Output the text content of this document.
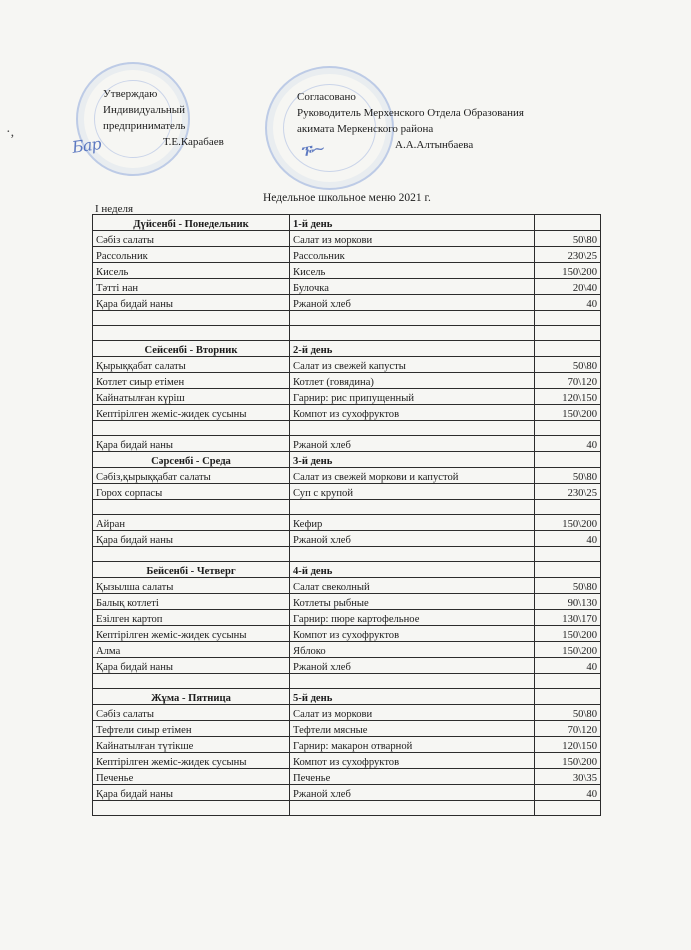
Утверждаю
Индивидуальный
предприниматель
Т.Е.Карабаев
Согласовано
Руководитель Мерхенского Отдела Образования
акимата Меркенского района
А.А.Алтынбаева
Бар	ᎏ~
·,
Недельное школьное меню 2021 г.
I неделя
Дүйсенбі - Понедельник	1-й день	
Сәбіз салаты	Салат из моркови	50\80
Рассольник	Рассольник	230\25
Кисель	Кисель	150\200
Тәтті нан	Булочка	20\40
Қара бидай наны	Ржаной хлеб	40

Сейсенбі - Вторник	2-й день	
Қырыққабат салаты	Салат из свежей капусты	50\80
Котлет сиыр етімен	Котлет (говядина)	70\120
Кайнатылған күріш	Гарнир: рис припущенный	120\150
Кептірілген жеміс-жидек сусыны	Компот из сухофруктов	150\200

Қара бидай наны	Ржаной хлеб	40
Сәрсенбі - Среда	3-й день	
Сәбіз,қырыққабат салаты	Салат из свежей моркови и капустой	50\80
Горох сорпасы	Суп с крупой	230\25

Айран	Кефир	150\200
Қара бидай наны	Ржаной хлеб	40

Бейсенбі - Четверг	4-й день	
Қызылша салаты	Салат свеколный	50\80
Балық котлеті	Котлеты рыбные	90\130
Езілген картоп	Гарнир: пюре картофельное	130\170
Кептірілген жеміс-жидек сусыны	Компот из сухофруктов	150\200
Алма	Яблоко	150\200
Қара бидай наны	Ржаной хлеб	40

Жұма - Пятница	5-й день	
Сәбіз салаты	Салат из моркови	50\80
Тефтели сиыр етімен	Тефтели мясные	70\120
Кайнатылған түтікше	Гарнир: макарон отварной	120\150
Кептірілген жеміс-жидек сусыны	Компот из сухофруктов	150\200
Печенье	Печенье	30\35
Қара бидай наны	Ржаной хлеб	40
